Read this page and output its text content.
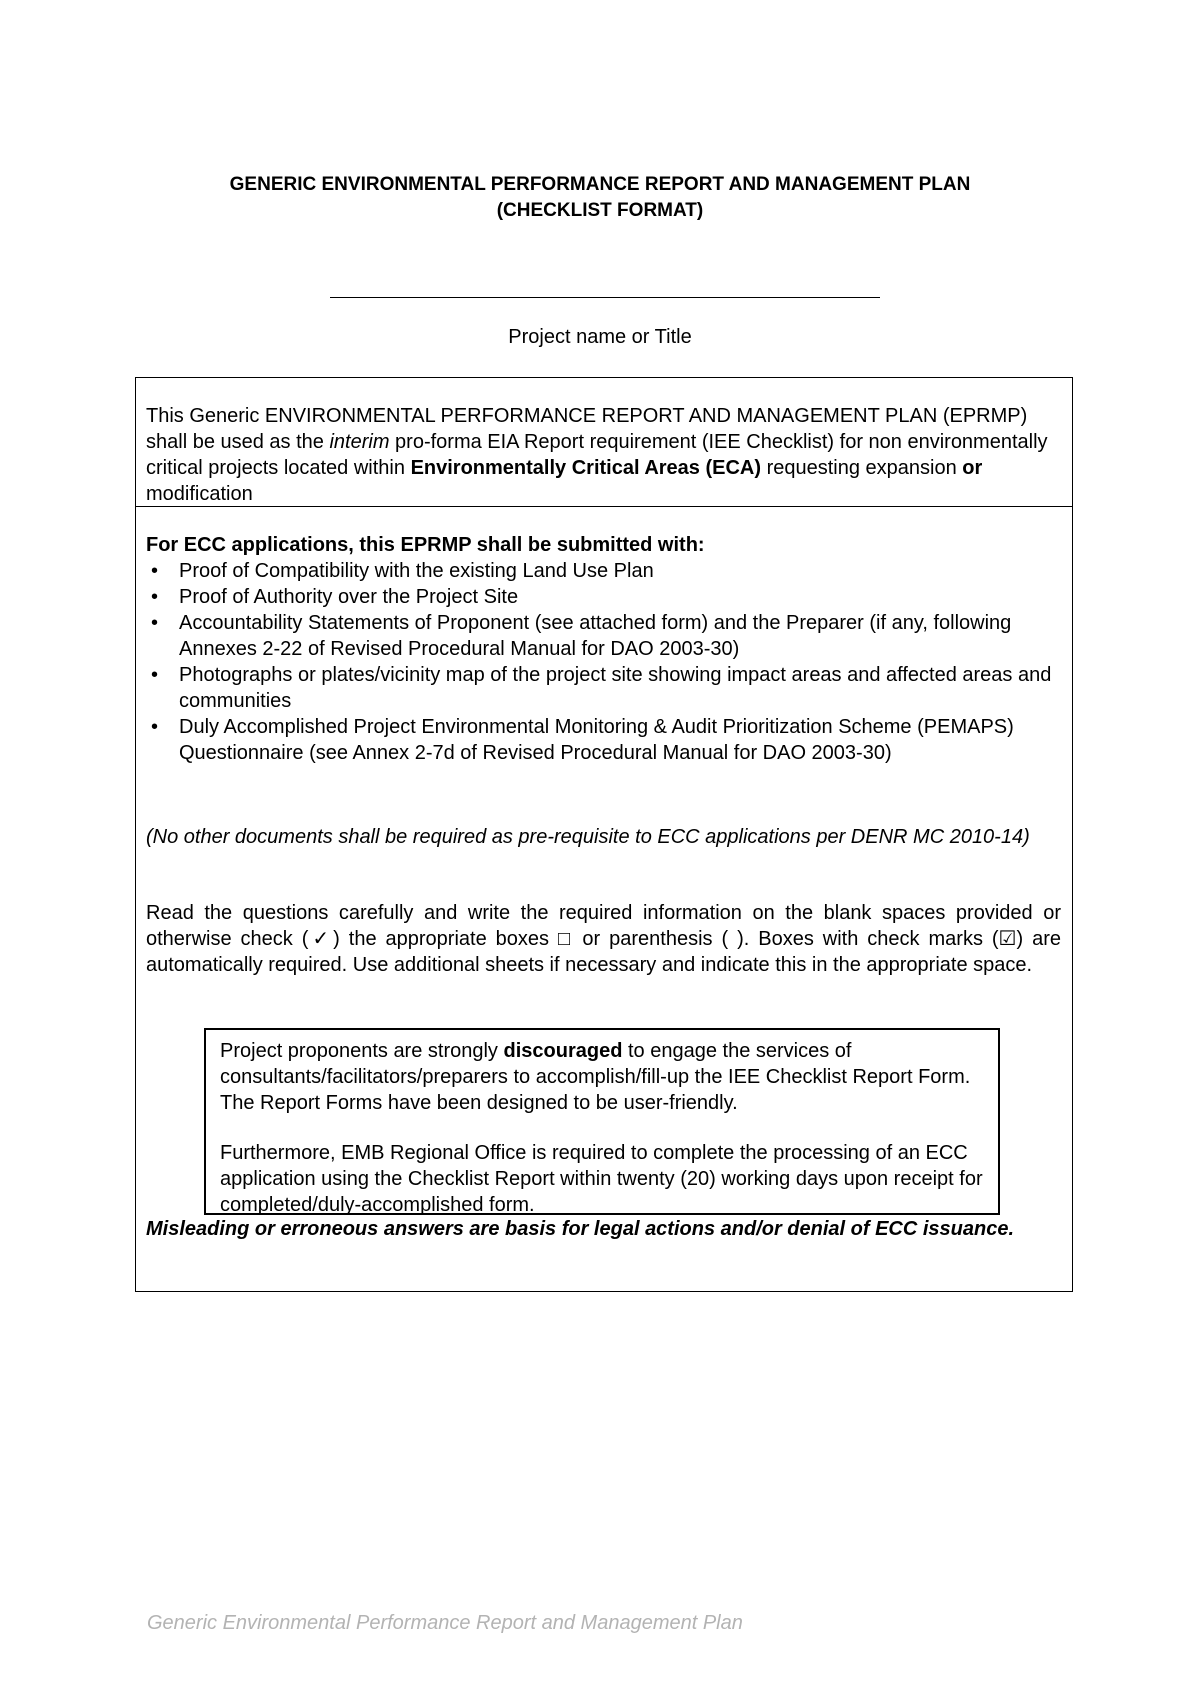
GENERIC ENVIRONMENTAL PERFORMANCE REPORT AND MANAGEMENT PLAN
(CHECKLIST FORMAT)
Project name or Title
This Generic ENVIRONMENTAL PERFORMANCE REPORT AND MANAGEMENT PLAN (EPRMP) shall be used as the interim pro-forma EIA Report requirement (IEE Checklist) for non environmentally critical projects located within Environmentally Critical Areas (ECA) requesting expansion or modification
For ECC applications, this EPRMP shall be submitted with:
• Proof of Compatibility with the existing Land Use Plan
• Proof of Authority over the Project Site
• Accountability Statements of Proponent (see attached form) and the Preparer (if any, following Annexes 2-22 of Revised Procedural Manual for DAO 2003-30)
• Photographs or plates/vicinity map of the project site showing impact areas and affected areas and communities
• Duly Accomplished Project Environmental Monitoring & Audit Prioritization Scheme (PEMAPS) Questionnaire (see Annex 2-7d of Revised Procedural Manual for DAO 2003-30)
(No other documents shall be required as pre-requisite to ECC applications per DENR MC 2010-14)
Read the questions carefully and write the required information on the blank spaces provided or otherwise check ( ✓ ) the appropriate boxes □ or parenthesis ( ). Boxes with check marks (☑) are automatically required. Use additional sheets if necessary and indicate this in the appropriate space.

Project proponents are strongly discouraged to engage the services of consultants/facilitators/preparers to accomplish/fill-up the IEE Checklist Report Form. The Report Forms have been designed to be user-friendly.

Furthermore, EMB Regional Office is required to complete the processing of an ECC application using the Checklist Report within twenty (20) working days upon receipt for completed/duly-accomplished form.

Misleading or erroneous answers are basis for legal actions and/or denial of ECC issuance.
Generic Environmental Performance Report and Management Plan
